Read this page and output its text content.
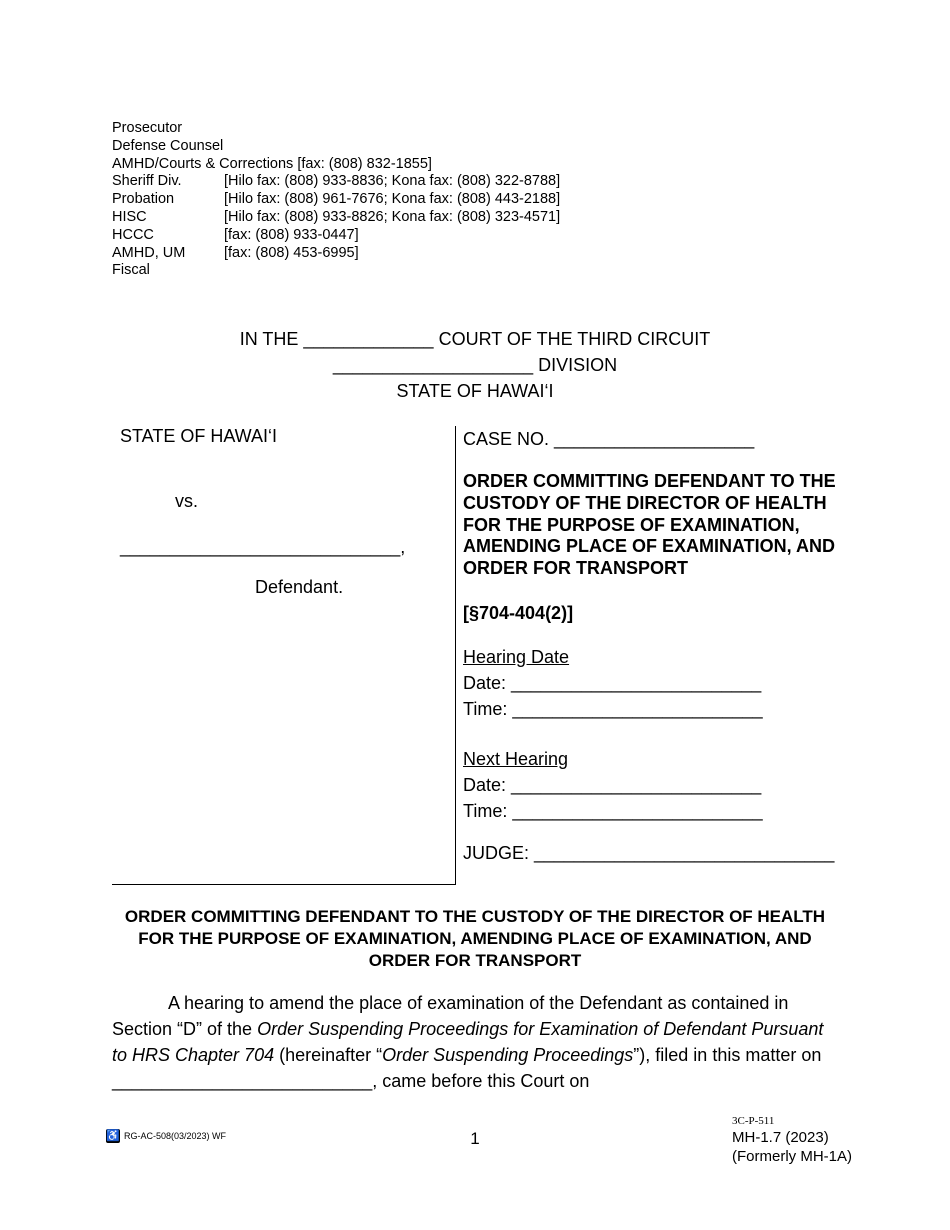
Prosecutor
Defense Counsel
AMHD/Courts & Corrections [fax: (808) 832-1855]
Sheriff Div.	[Hilo fax: (808) 933-8836; Kona fax: (808) 322-8788]
Probation	[Hilo fax: (808) 961-7676; Kona fax: (808) 443-2188]
HISC	[Hilo fax: (808) 933-8826; Kona fax: (808) 323-4571]
HCCC	[fax: (808) 933-0447]
AMHD, UM	[fax: (808) 453-6995]
Fiscal
IN THE _____________ COURT OF THE THIRD CIRCUIT
____________________ DIVISION
STATE OF HAWAI‘I
STATE OF HAWAI‘I
vs.
____________________________,
Defendant.
CASE NO. ____________________
ORDER COMMITTING DEFENDANT TO THE CUSTODY OF THE DIRECTOR OF HEALTH FOR THE PURPOSE OF EXAMINATION, AMENDING PLACE OF EXAMINATION, AND ORDER FOR TRANSPORT
[§704-404(2)]
Hearing Date
Date: _________________________
Time: _________________________
Next Hearing
Date: _________________________
Time: _________________________
JUDGE: ______________________________
ORDER COMMITTING DEFENDANT TO THE CUSTODY OF THE DIRECTOR OF HEALTH FOR THE PURPOSE OF EXAMINATION, AMENDING PLACE OF EXAMINATION, AND ORDER FOR TRANSPORT

A hearing to amend the place of examination of the Defendant as contained in Section “D” of the Order Suspending Proceedings for Examination of Defendant Pursuant to HRS Chapter 704 (hereinafter “Order Suspending Proceedings”), filed in this matter on __________________________, came before this Court on

♿ RG-AC-508(03/2023) WF	1
3C-P-511
MH-1.7 (2023)
(Formerly MH-1A)
